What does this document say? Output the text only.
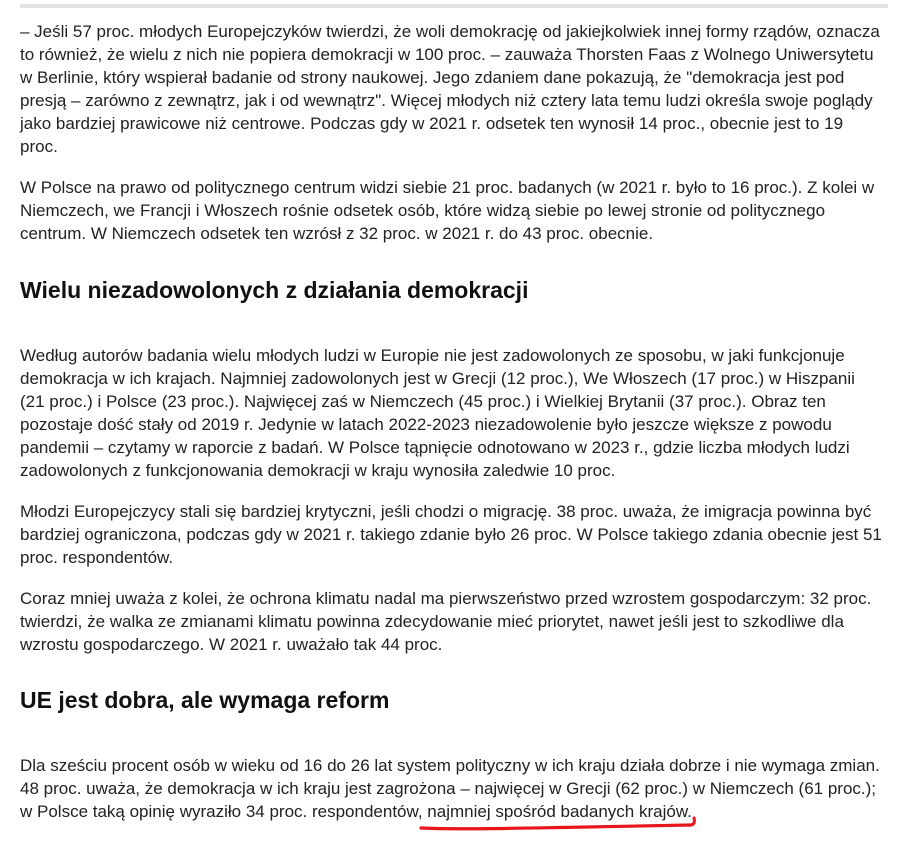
– Jeśli 57 proc. młodych Europejczyków twierdzi, że woli demokrację od jakiejkolwiek innej formy rządów, oznacza to również, że wielu z nich nie popiera demokracji w 100 proc. – zauważa Thorsten Faas z Wolnego Uniwersytetu w Berlinie, który wspierał badanie od strony naukowej. Jego zdaniem dane pokazują, że "demokracja jest pod presją – zarówno z zewnątrz, jak i od wewnątrz". Więcej młodych niż cztery lata temu ludzi określa swoje poglądy jako bardziej prawicowe niż centrowe. Podczas gdy w 2021 r. odsetek ten wynosił 14 proc., obecnie jest to 19 proc.

W Polsce na prawo od politycznego centrum widzi siebie 21 proc. badanych (w 2021 r. było to 16 proc.). Z kolei w Niemczech, we Francji i Włoszech rośnie odsetek osób, które widzą siebie po lewej stronie od politycznego centrum. W Niemczech odsetek ten wzrósł z 32 proc. w 2021 r. do 43 proc. obecnie.

Wielu niezadowolonych z działania demokracji

Według autorów badania wielu młodych ludzi w Europie nie jest zadowolonych ze sposobu, w jaki funkcjonuje demokracja w ich krajach. Najmniej zadowolonych jest w Grecji (12 proc.), We Włoszech (17 proc.) w Hiszpanii (21 proc.) i Polsce (23 proc.). Najwięcej zaś w Niemczech (45 proc.) i Wielkiej Brytanii (37 proc.). Obraz ten pozostaje dość stały od 2019 r. Jedynie w latach 2022-2023 niezadowolenie było jeszcze większe z powodu pandemii – czytamy w raporcie z badań. W Polsce tąpnięcie odnotowano w 2023 r., gdzie liczba młodych ludzi zadowolonych z funkcjonowania demokracji w kraju wynosiła zaledwie 10 proc.

Młodzi Europejczycy stali się bardziej krytyczni, jeśli chodzi o migrację. 38 proc. uważa, że imigracja powinna być bardziej ograniczona, podczas gdy w 2021 r. takiego zdanie było 26 proc. W Polsce takiego zdania obecnie jest 51 proc. respondentów.

Coraz mniej uważa z kolei, że ochrona klimatu nadal ma pierwszeństwo przed wzrostem gospodarczym: 32 proc. twierdzi, że walka ze zmianami klimatu powinna zdecydowanie mieć priorytet, nawet jeśli jest to szkodliwe dla wzrostu gospodarczego. W 2021 r. uważało tak 44 proc.

UE jest dobra, ale wymaga reform

Dla sześciu procent osób w wieku od 16 do 26 lat system polityczny w ich kraju działa dobrze i nie wymaga zmian. 48 proc. uważa, że demokracja w ich kraju jest zagrożona – najwięcej w Grecji (62 proc.) w Niemczech (61 proc.); w Polsce taką opinię wyraziło 34 proc. respondentów, najmniej spośród badanych krajów.
